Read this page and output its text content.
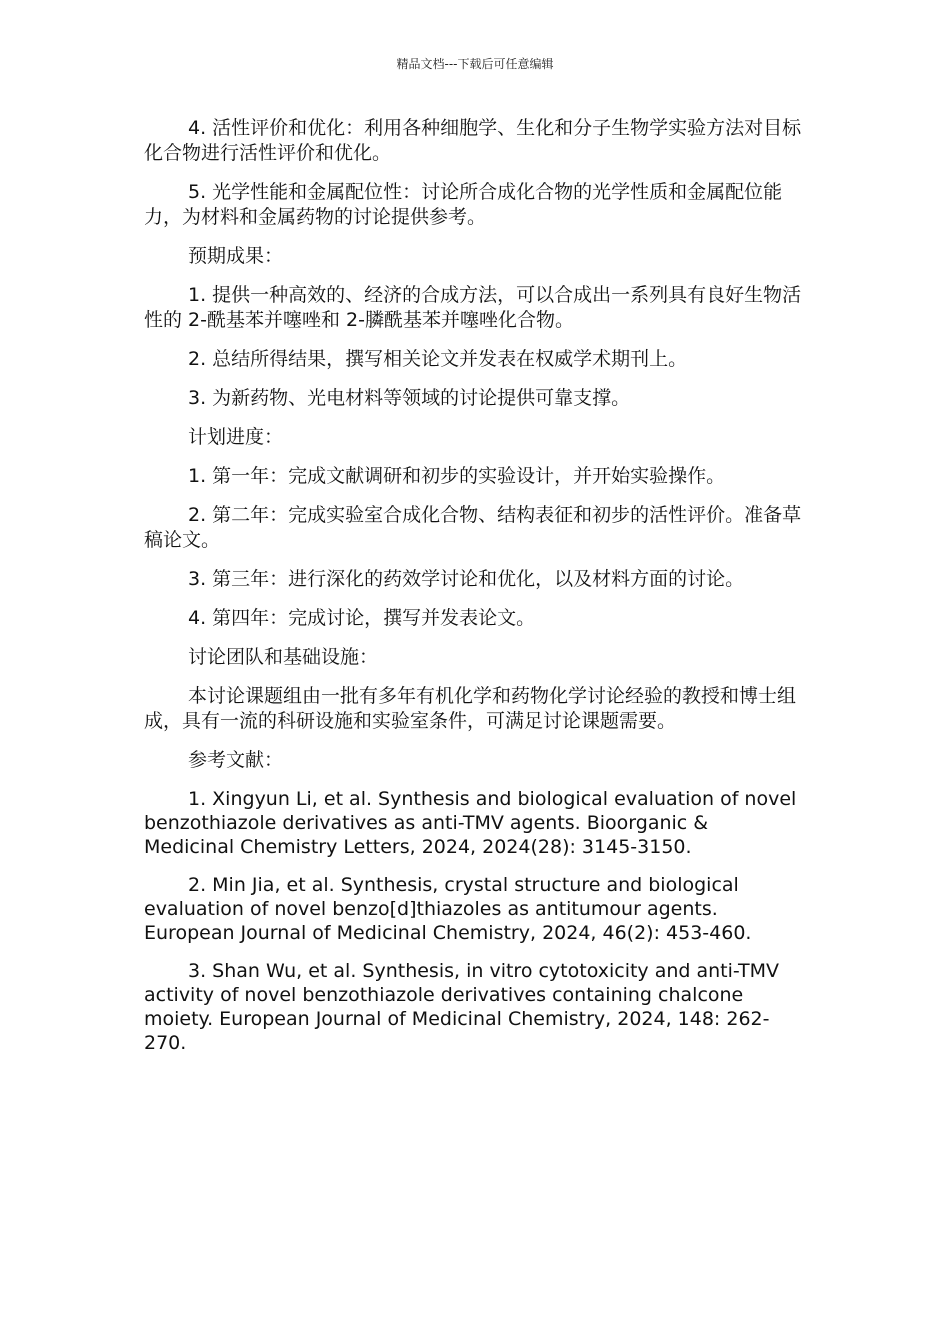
精品文档---下载后可任意编辑

4. 活性评价和优化：利用各种细胞学、生化和分子生物学实验方法对目标化合物进行活性评价和优化。

5. 光学性能和金属配位性：讨论所合成化合物的光学性质和金属配位能力，为材料和金属药物的讨论提供参考。

预期成果：

1. 提供一种高效的、经济的合成方法，可以合成出一系列具有良好生物活性的 2-酰基苯并噻唑和 2-膦酰基苯并噻唑化合物。

2. 总结所得结果，撰写相关论文并发表在权威学术期刊上。

3. 为新药物、光电材料等领域的讨论提供可靠支撑。

计划进度：

1. 第一年：完成文献调研和初步的实验设计，并开始实验操作。

2. 第二年：完成实验室合成化合物、结构表征和初步的活性评价。准备草稿论文。

3. 第三年：进行深化的药效学讨论和优化，以及材料方面的讨论。

4. 第四年：完成讨论，撰写并发表论文。

讨论团队和基础设施：

本讨论课题组由一批有多年有机化学和药物化学讨论经验的教授和博士组成，具有一流的科研设施和实验室条件，可满足讨论课题需要。

参考文献：

1. Xingyun Li, et al. Synthesis and biological evaluation of novel benzothiazole derivatives as anti-TMV agents. Bioorganic & Medicinal Chemistry Letters, 2024, 2024(28): 3145-3150.

2. Min Jia, et al. Synthesis, crystal structure and biological evaluation of novel benzo[d]thiazoles as antitumour agents. European Journal of Medicinal Chemistry, 2024, 46(2): 453-460.

3. Shan Wu, et al. Synthesis, in vitro cytotoxicity and anti-TMV activity of novel benzothiazole derivatives containing chalcone moiety. European Journal of Medicinal Chemistry, 2024, 148: 262-270.
